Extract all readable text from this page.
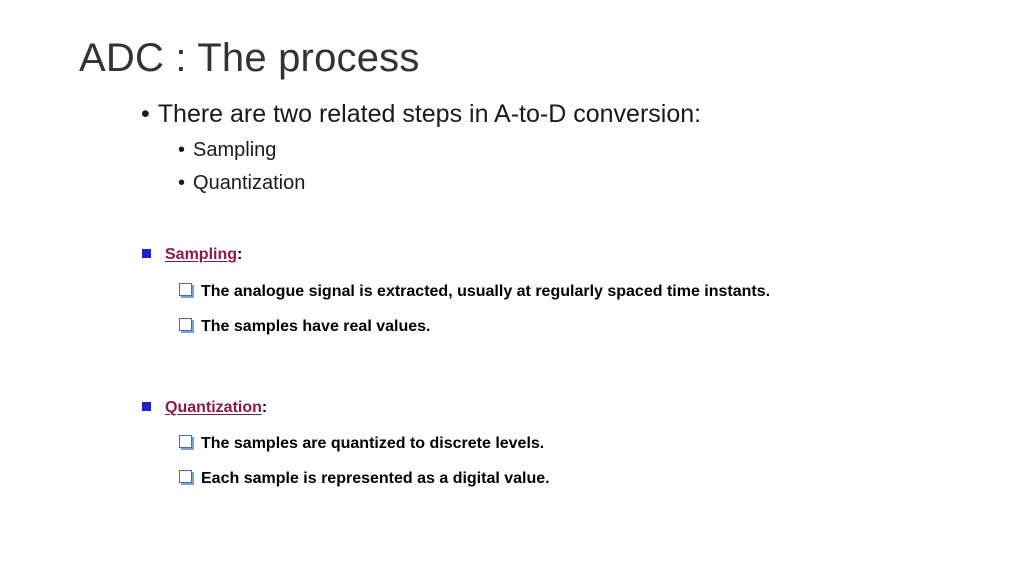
ADC : The process
• There are two related steps in A-to-D conversion:
• Sampling
• Quantization
Sampling:
The analogue signal is extracted, usually at regularly spaced time instants.
The samples have real values.
Quantization:
The samples are quantized to discrete levels.
Each sample is represented as a digital value.
